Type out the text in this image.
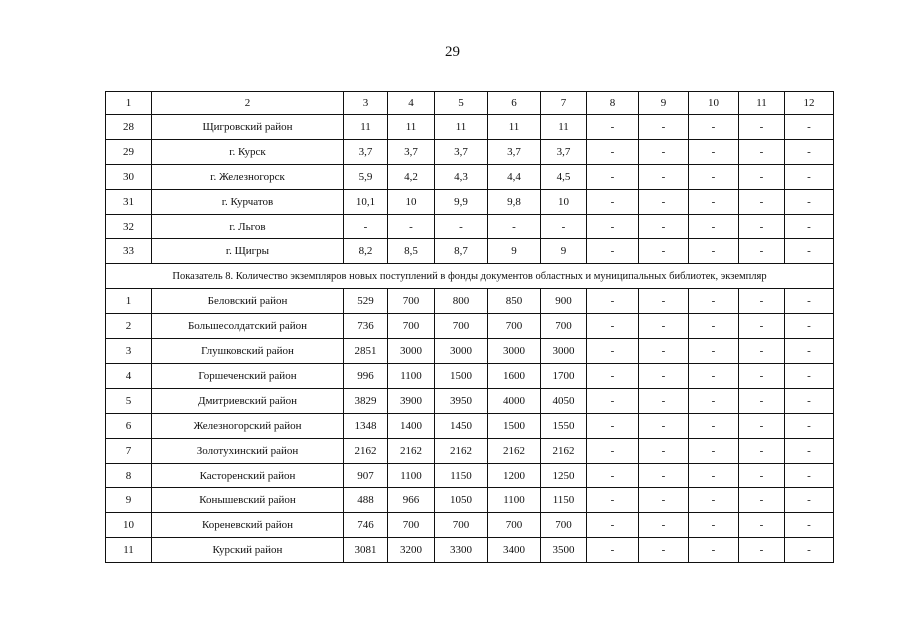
29
1	2	3	4	5	6	7	8	9	10	11	12
28	Щигровский район	11	11	11	11	11	-	-	-	-	-
29	г. Курск	3,7	3,7	3,7	3,7	3,7	-	-	-	-	-
30	г. Железногорск	5,9	4,2	4,3	4,4	4,5	-	-	-	-	-
31	г. Курчатов	10,1	10	9,9	9,8	10	-	-	-	-	-
32	г. Льгов	-	-	-	-	-	-	-	-	-	-
33	г. Щигры	8,2	8,5	8,7	9	9	-	-	-	-	-
Показатель 8. Количество экземпляров новых поступлений в фонды документов областных и муниципальных библиотек, экземпляр											
1	Беловский район	529	700	800	850	900	-	-	-	-	-
2	Большесолдатский район	736	700	700	700	700	-	-	-	-	-
3	Глушковский район	2851	3000	3000	3000	3000	-	-	-	-	-
4	Горшеченский район	996	1100	1500	1600	1700	-	-	-	-	-
5	Дмитриевский район	3829	3900	3950	4000	4050	-	-	-	-	-
6	Железногорский район	1348	1400	1450	1500	1550	-	-	-	-	-
7	Золотухинский район	2162	2162	2162	2162	2162	-	-	-	-	-
8	Касторенский район	907	1100	1150	1200	1250	-	-	-	-	-
9	Конышевский район	488	966	1050	1100	1150	-	-	-	-	-
10	Кореневский район	746	700	700	700	700	-	-	-	-	-
11	Курский район	3081	3200	3300	3400	3500	-	-	-	-	-
